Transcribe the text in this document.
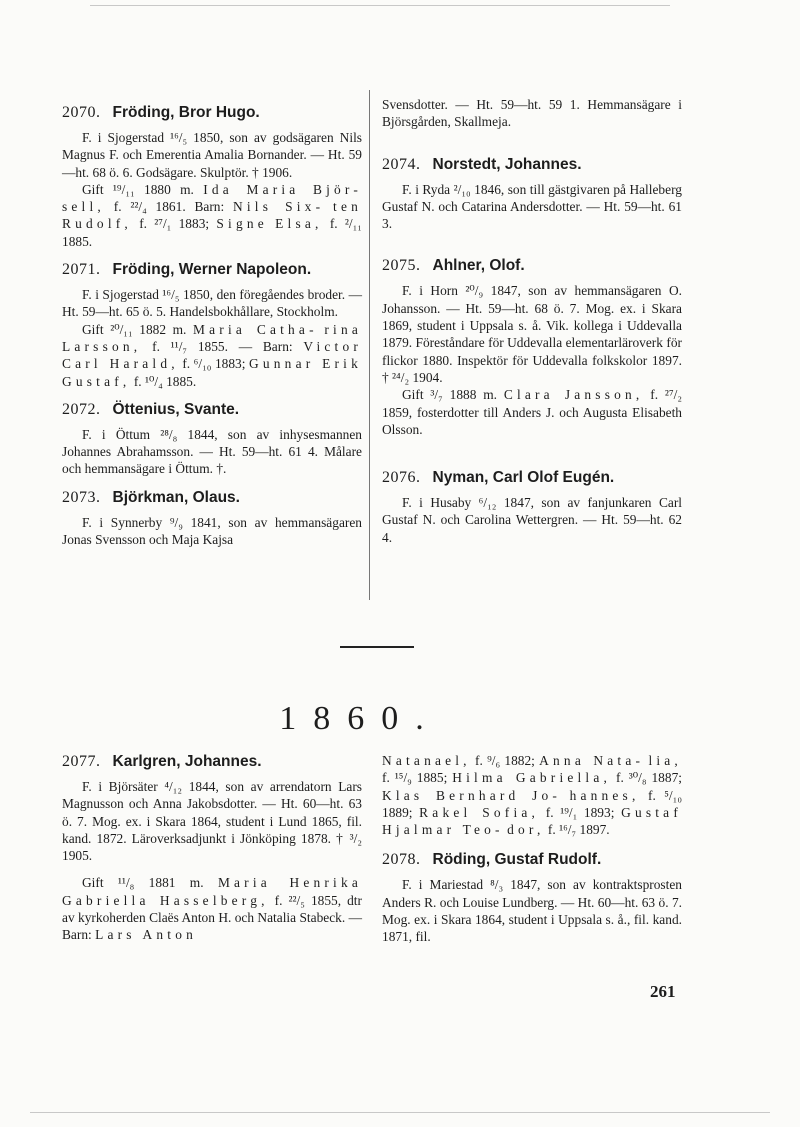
2070. Fröding, Bror Hugo.

F. i Sjogerstad ¹⁶/₅ 1850, son av godsägaren Nils Magnus F. och Emerentia Amalia Bornander. — Ht. 59—ht. 68 ö. 6. Godsägare. Skulptör. † 1906.

Gift ¹⁹/₁₁ 1880 m. Ida Maria Björ- sell, f. ²²/₄ 1861. Barn: Nils Six- ten Rudolf, f. ²⁷/₁ 1883; Signe Elsa, f. ²/₁₁ 1885.

2071. Fröding, Werner Napoleon.

F. i Sjogerstad ¹⁶/₅ 1850, den föregåendes broder. — Ht. 59—ht. 65 ö. 5. Handelsbokhållare, Stockholm.

Gift ²⁰/₁₁ 1882 m. Maria Catha- rina Larsson, f. ¹¹/₇ 1855. — Barn: Victor Carl Harald, f. ⁶/₁₀ 1883; Gunnar Erik Gustaf, f. ¹⁰/₄ 1885.

2072. Öttenius, Svante.

F. i Öttum ²⁸/₈ 1844, son av inhysesmannen Johannes Abrahamsson. — Ht. 59—ht. 61 4. Målare och hemmansägare i Öttum. †.

2073. Björkman, Olaus.

F. i Synnerby ⁹/₉ 1841, son av hemmansägaren Jonas Svensson och Maja Kajsa

Svensdotter. — Ht. 59—ht. 59 1. Hemmansägare i Björsgården, Skallmeja.

2074. Norstedt, Johannes.

F. i Ryda ²/₁₀ 1846, son till gästgivaren på Halleberg Gustaf N. och Catarina Andersdotter. — Ht. 59—ht. 61 3.

2075. Ahlner, Olof.

F. i Horn ²⁰/₉ 1847, son av hemmansägaren O. Johansson. — Ht. 59—ht. 68 ö. 7. Mog. ex. i Skara 1869, student i Uppsala s. å. Vik. kollega i Uddevalla 1879. Föreståndare för Uddevalla elementarläroverk för flickor 1880. Inspektör för Uddevalla folkskolor 1897. † ²⁴/₂ 1904.

Gift ³/₇ 1888 m. Clara Jansson, f. ²⁷/₂ 1859, fosterdotter till Anders J. och Augusta Elisabeth Olsson.

2076. Nyman, Carl Olof Eugén.

F. i Husaby ⁶/₁₂ 1847, son av fanjunkaren Carl Gustaf N. och Carolina Wettergren. — Ht. 59—ht. 62 4.

1860.
2077. Karlgren, Johannes.

F. i Björsäter ⁴/₁₂ 1844, son av arrendatorn Lars Magnusson och Anna Jakobsdotter. — Ht. 60—ht. 63 ö. 7. Mog. ex. i Skara 1864, student i Lund 1865, fil. kand. 1872. Läroverksadjunkt i Jönköping 1878. † ³/₂ 1905.

Gift ¹¹/₈ 1881 m. Maria Henrika Gabriella Hasselberg, f. ²²/₅ 1855, dtr av kyrkoherden Claës Anton H. och Natalia Stabeck. — Barn: Lars Anton

Natanael, f. ⁹/₆ 1882; Anna Nata- lia, f. ¹⁵/₉ 1885; Hilma Gabriella, f. ³⁰/₈ 1887; Klas Bernhard Jo- hannes, f. ⁵/₁₀ 1889; Rakel Sofia, f. ¹⁹/₁ 1893; Gustaf Hjalmar Teo- dor, f. ¹⁶/₇ 1897.

2078. Röding, Gustaf Rudolf.

F. i Mariestad ⁸/₃ 1847, son av kontraktsprosten Anders R. och Louise Lundberg. — Ht. 60—ht. 63 ö. 7. Mog. ex. i Skara 1864, student i Uppsala s. å., fil. kand. 1871, fil.

261
